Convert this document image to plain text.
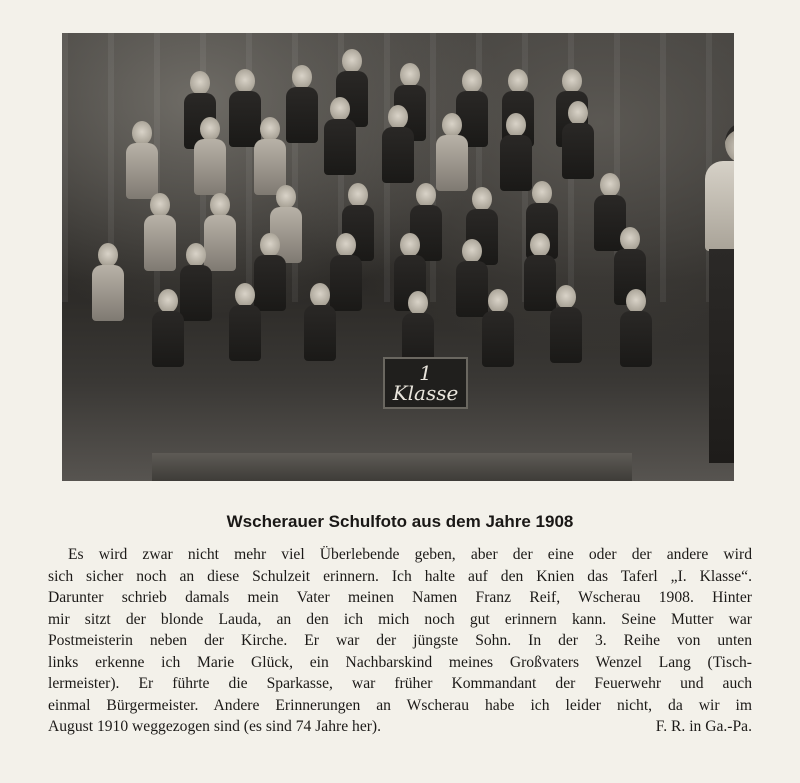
1
Klasse
Wscherauer Schulfoto aus dem Jahre 1908

Es wird zwar nicht mehr viel Überlebende geben, aber der eine oder der andere wird
sich sicher noch an diese Schulzeit erinnern. Ich halte auf den Knien das Taferl „I. Klasse“.
Darunter schrieb damals mein Vater meinen Namen Franz Reif, Wscherau 1908. Hinter
mir sitzt der blonde Lauda, an den ich mich noch gut erinnern kann. Seine Mutter war
Postmeisterin neben der Kirche. Er war der jüngste Sohn. In der 3. Reihe von unten
links erkenne ich Marie Glück, ein Nachbarskind meines Großvaters Wenzel Lang (Tisch-
lermeister). Er führte die Sparkasse, war früher Kommandant der Feuerwehr und auch
einmal Bürgermeister. Andere Erinnerungen an Wscherau habe ich leider nicht, da wir im
August 1910 weggezogen sind (es sind 74 Jahre her).	F. R. in Ga.-Pa.
